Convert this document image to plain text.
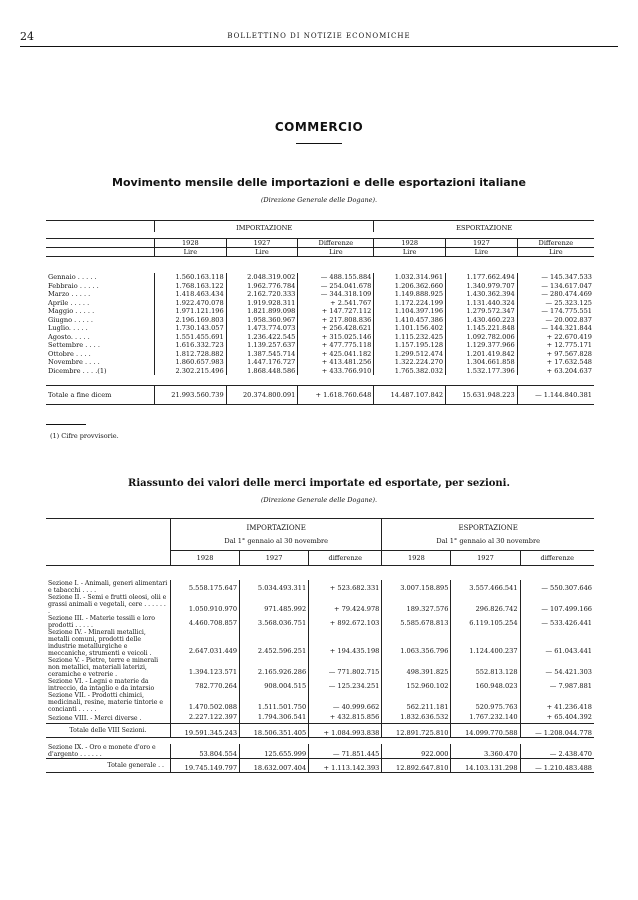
24	BOLLETTINO DI NOTIZIE ECONOMICHE
COMMERCIO
Movimento mensile delle importazioni e delle esportazioni italiane
(Direzione Generale delle Dogane).
	IMPORTAZIONE			ESPORTAZIONE		

	1928	1927	Differenze	1928	1927	Differenze
	Lire	Lire	Lire	Lire	Lire	Lire

Gennaio . . . . .	1.560.163.118	2.048.319.002	— 488.155.884	1.032.314.961	1.177.662.494	— 145.347.533
Febbraio . . . . .	1.768.163.122	1.962.776.784	— 254.041.678	1.206.362.660	1.340.979.707	— 134.617.047
Marzo . . . . .	1.418.463.434	2.162.720.333	— 344.318.109	1.149.888.925	1.430.362.394	— 280.474.469
Aprile . . . . .	1.922.470.078	1.919.928.311	+ 2.541.767	1.172.224.199	1.131.440.324	— 25.323.125
Maggio . . . . .	1.971.121.196	1.821.899.098	+ 147.727.112	1.104.397.196	1.279.572.347	— 174.775.551
Giugno . . . . .	2.196.169.803	1.958.360.967	+ 217.808.836	1.410.457.386	1.430.460.223	— 20.002.837
Luglio. . . . .	1.730.143.057	1.473.774.073	+ 256.428.621	1.101.156.402	1.145.221.848	— 144.321.844
Agosto. . . . .	1.551.455.691	1.236.422.545	+ 315.025.146	1.115.232.425	1.092.782.006	+ 22.670.419
Settembre . . . .	1.616.332.723	1.139.257.637	+ 477.775.118	1.157.195.128	1.129.377.966	+ 12.775.171
Ottobre . . . .	1.812.728.882	1.387.545.714	+ 425.041.182	1.299.512.474	1.201.419.842	+ 97.567.828
Novembre . . . .	1.860.657.983	1.447.176.727	+ 413.481.256	1.322.224.270	1.304.661.858	+ 17.632.548
Dicembre . . . .(1)	2.302.215.496	1.868.448.586	+ 433.766.910	1.765.382.032	1.532.177.396	+ 63.204.637

Totale a fine dicem	21.993.560.739	20.374.800.091	+ 1.618.760.648	14.487.107.842	15.631.948.223	— 1.144.840.381
(1) Cifre provvisorie.
Riassunto dei valori delle merci importate ed esportate, per sezioni.
(Direzione Generale delle Dogane).
	IMPORTAZIONE			ESPORTAZIONE		
	Dal 1° gennaio al 30 novembre			Dal 1° gennaio al 30 novembre		
	1928	1927	differenze	1928	1927	differenze

Sezione I. - Animali, generi alimentari e tabacchi . . . .	5.558.175.647	5.034.493.311	+ 523.682.331	3.007.158.895	3.557.466.541	— 550.307.646
Sezione II. - Semi e frutti oleosi, olii e grassi animali e vegetali, cere . . . . . . .	1.050.910.970	971.485.992	+ 79.424.978	189.327.576	296.826.742	— 107.499.166
Sezione III. - Materie tessili e loro prodotti . . . . .	4.460.708.857	3.568.036.751	+ 892.672.103	5.585.678.813	6.119.105.254	— 533.426.441
Sezione IV. - Minerali metallici, metalli comuni, prodotti delle industrie metallurgiche e meccaniche, strumenti e veicoli .	2.647.031.449	2.452.596.251	+ 194.435.198	1.063.356.796	1.124.400.237	— 61.043.441
Sezione V. - Pietre, terre e minerali non metallici, materiali laterizi, ceramiche e vetrerie .	1.394.123.571	2.165.926.286	— 771.802.715	498.391.825	552.813.128	— 54.421.303
Sezione VI. - Legni e materie da intreccio, da intaglio e da intarsio	782.770.264	908.004.515	— 125.234.251	152.960.102	160.948.023	— 7.987.881
Sezione VII. - Prodotti chimici, medicinali, resine, materie tintorie e concianti . . . . .	1.470.502.088	1.511.501.750	— 40.999.662	562.211.181	520.975.763	+ 41.236.418
Sezione VIII. - Merci diverse .	2.227.122.397	1.794.306.541	+ 432.815.856	1.832.636.532	1.767.232.140	+ 65.404.392
Totale delle VIII Sezioni.	19.591.345.243	18.506.351.405	+ 1.084.993.838	12.891.725.810	14.099.770.588	— 1.208.044.778

Sezione IX. - Oro e monete d'oro e d'argento . . . . . .	53.804.554	125.655.999	— 71.851.445	922.000	3.360.470	— 2.438.470
Totale generale . .	19.745.149.797	18.632.007.404	+ 1.113.142.393	12.892.647.810	14.103.131.298	— 1.210.483.488
